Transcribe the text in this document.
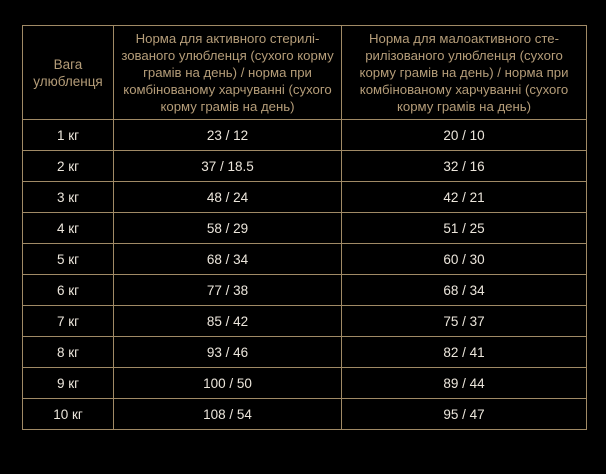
Вага улюбленця	Норма для активного стерилізованого улюбленця (сухого корму грамів на день) / норма при комбінованому харчуванні (сухого корму грамів на день)	Норма для малоактивного стерилізованого улюбленця (сухого корму грамів на день) / норма при комбінованому харчуванні (сухого корму грамів на день)
1 кг	23 / 12	20 / 10
2 кг	37 / 18.5	32 / 16
3 кг	48 / 24	42 / 21
4 кг	58 / 29	51 / 25
5 кг	68 / 34	60 / 30
6 кг	77 / 38	68 / 34
7 кг	85 / 42	75 / 37
8 кг	93 / 46	82 / 41
9 кг	100 / 50	89 / 44
10 кг	108 / 54	95 / 47
